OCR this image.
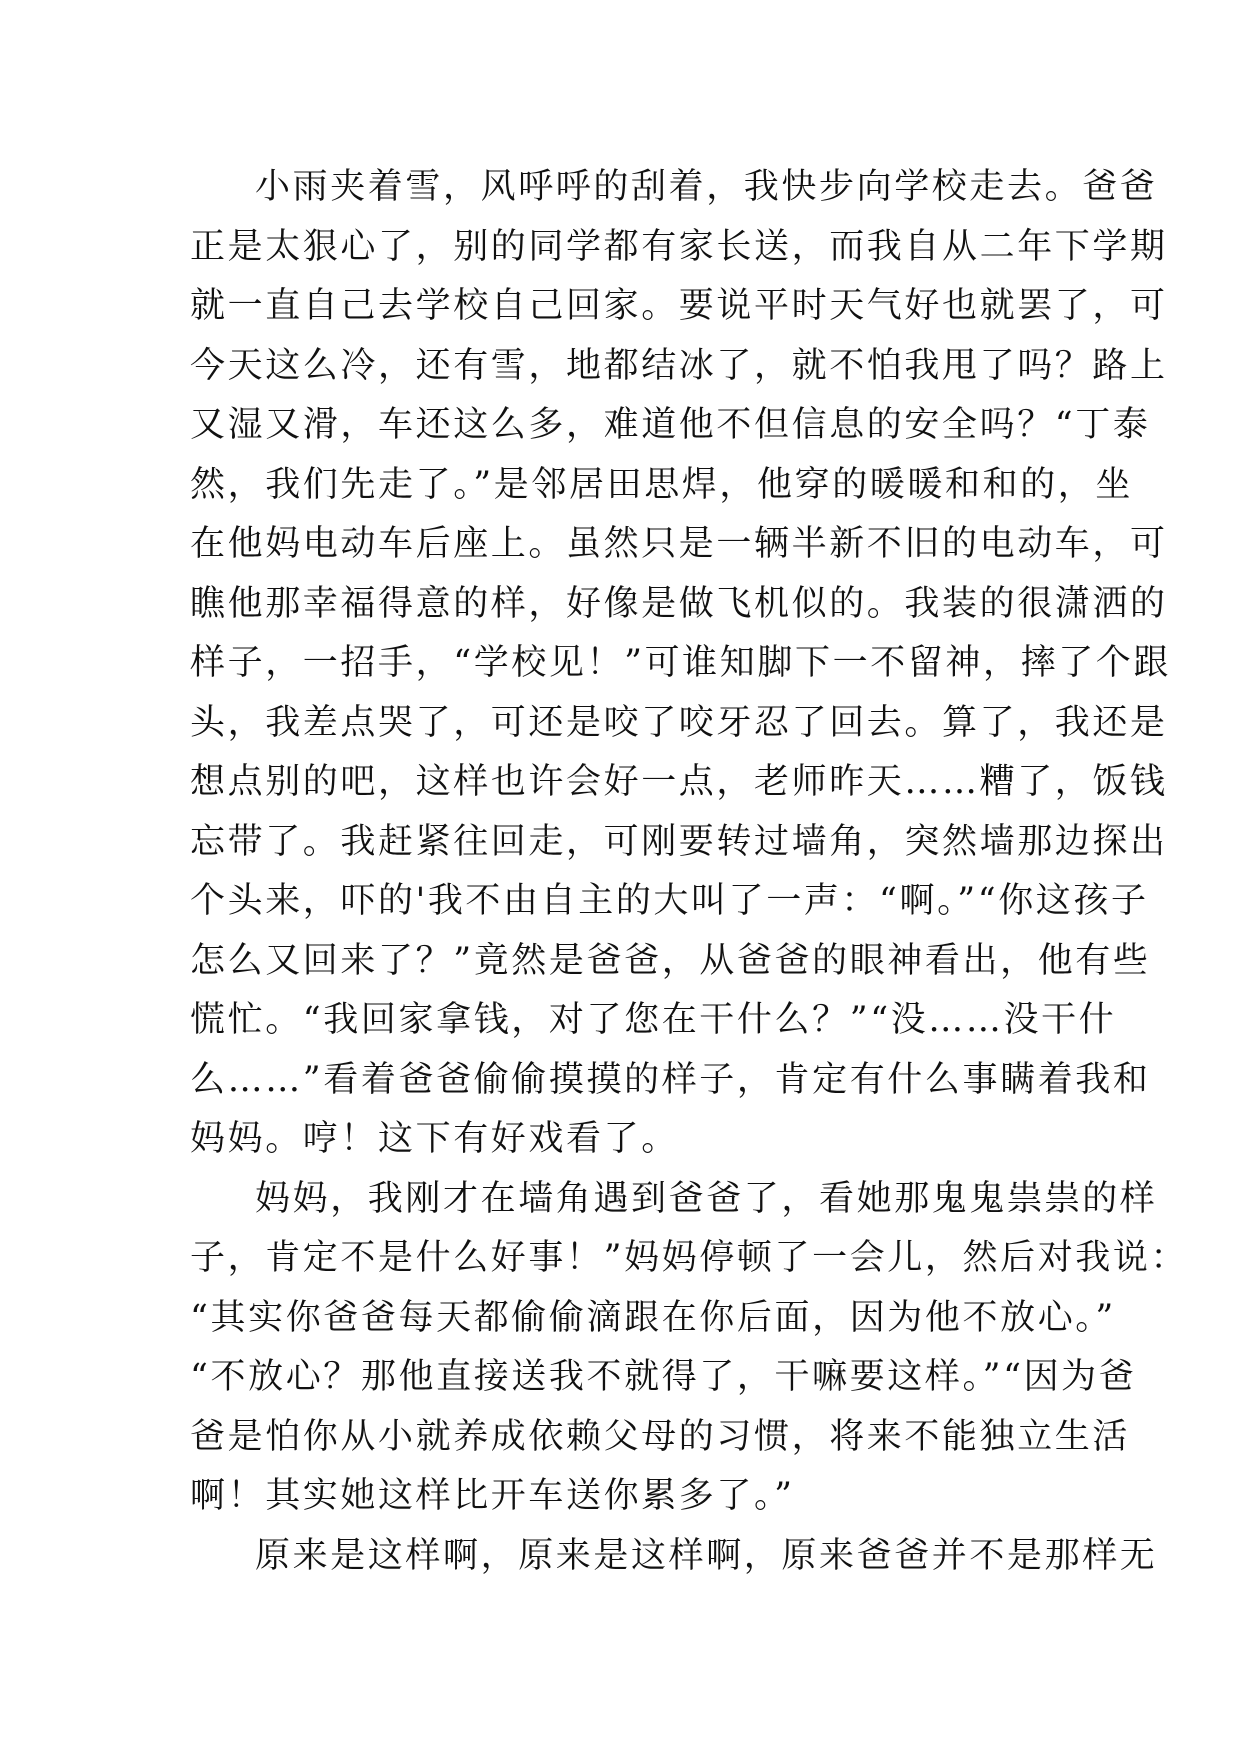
小雨夹着雪，风呼呼的刮着，我快步向学校走去。爸爸
正是太狠心了，别的同学都有家长送，而我自从二年下学期
就一直自己去学校自己回家。要说平时天气好也就罢了，可
今天这么冷，还有雪，地都结冰了，就不怕我甩了吗？路上
又湿又滑，车还这么多，难道他不但信息的安全吗？“丁泰
然，我们先走了。”是邻居田思焊，他穿的暖暖和和的，坐
在他妈电动车后座上。虽然只是一辆半新不旧的电动车，可
瞧他那幸福得意的样，好像是做飞机似的。我装的很潇洒的
样子，一招手，“学校见！”可谁知脚下一不留神，摔了个跟
头，我差点哭了，可还是咬了咬牙忍了回去。算了，我还是
想点别的吧，这样也许会好一点，老师昨天……糟了，饭钱
忘带了。我赶紧往回走，可刚要转过墙角，突然墙那边探出
个头来，吓的'我不由自主的大叫了一声：“啊。”“你这孩子
怎么又回来了？”竟然是爸爸，从爸爸的眼神看出，他有些
慌忙。“我回家拿钱，对了您在干什么？”“没……没干什
么……”看着爸爸偷偷摸摸的样子，肯定有什么事瞒着我和
妈妈。哼！这下有好戏看了。
妈妈，我刚才在墙角遇到爸爸了，看她那鬼鬼祟祟的样
子，肯定不是什么好事！”妈妈停顿了一会儿，然后对我说：
“其实你爸爸每天都偷偷滴跟在你后面，因为他不放心。”
“不放心？那他直接送我不就得了，干嘛要这样。”“因为爸
爸是怕你从小就养成依赖父母的习惯，将来不能独立生活
啊！其实她这样比开车送你累多了。”
原来是这样啊，原来是这样啊，原来爸爸并不是那样无
